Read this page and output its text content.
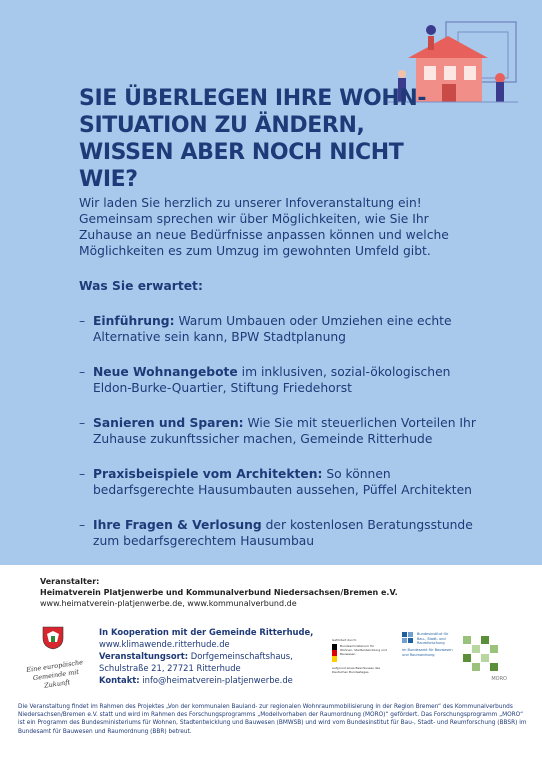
SIE ÜBERLEGEN IHRE WOHN-SITUATION ZU ÄNDERN, WISSEN ABER NOCH NICHT WIE?

Wir laden Sie herzlich zu unserer Infoveranstaltung ein! Gemeinsam sprechen wir über Möglichkeiten, wie Sie Ihr Zuhause an neue Bedürfnisse anpassen können und welche Möglichkeiten es zum Umzug im gewohnten Umfeld gibt.

Was Sie erwartet:

– Einführung: Warum Umbauen oder Umziehen eine echte Alternative sein kann, BPW Stadtplanung
– Neue Wohnangebote im inklusiven, sozial-ökologischen Eldon-Burke-Quartier, Stiftung Friedehorst
– Sanieren und Sparen: Wie Sie mit steuerlichen Vorteilen Ihr Zuhause zukunftssicher machen, Gemeinde Ritterhude
– Praxisbeispiele vom Architekten: So können bedarfsgerechte Hausumbauten aussehen, Püffel Architekten
– Ihre Fragen & Verlosung der kostenlosen Beratungsstunde zum bedarfsgerechtem Hausumbau
Veranstalter:
Heimatverein Platjenwerbe und Kommunalverbund Niedersachsen/Bremen e.V.
www.heimatverein-platjenwerbe.de, www.kommunalverbund.de
Eine europäische Gemeinde mit Zukunft
In Kooperation mit der Gemeinde Ritterhude,
www.klimawende.ritterhude.de
Veranstaltungsort: Dorfgemeinschaftshaus,
Schulstraße 21, 27721 Ritterhude
Kontakt: info@heimatverein-platjenwerbe.de
Gefördert durch:
Bundesministerium für Wohnen, Stadtentwicklung und Bauwesen
aufgrund eines Beschlusses des Deutschen Bundestages
Bundesinstitut für Bau-, Stadt- und Raumforschung
im Bundesamt für Bauwesen und Raumordnung
MORO

Die Veranstaltung findet im Rahmen des Projektes „Von der kommunalen Bauland- zur regionalen Wohnraummobilisierung in der Region Bremen“ des Kommunalverbunds Niedersachsen/Bremen e.V. statt und wird im Rahmen des Forschungsprogramms „Modellvorhaben der Raumordnung (MORO)“ gefördert. Das Forschungsprogramm „MORO“ ist ein Programm des Bundesministeriums für Wohnen, Stadtentwicklung und Bauwesen (BMWSB) und wird vom Bundesinstitut für Bau-, Stadt- und Reumforschung (BBSR) im Bundesamt für Bauwesen und Raumordnung (BBR) betreut.
